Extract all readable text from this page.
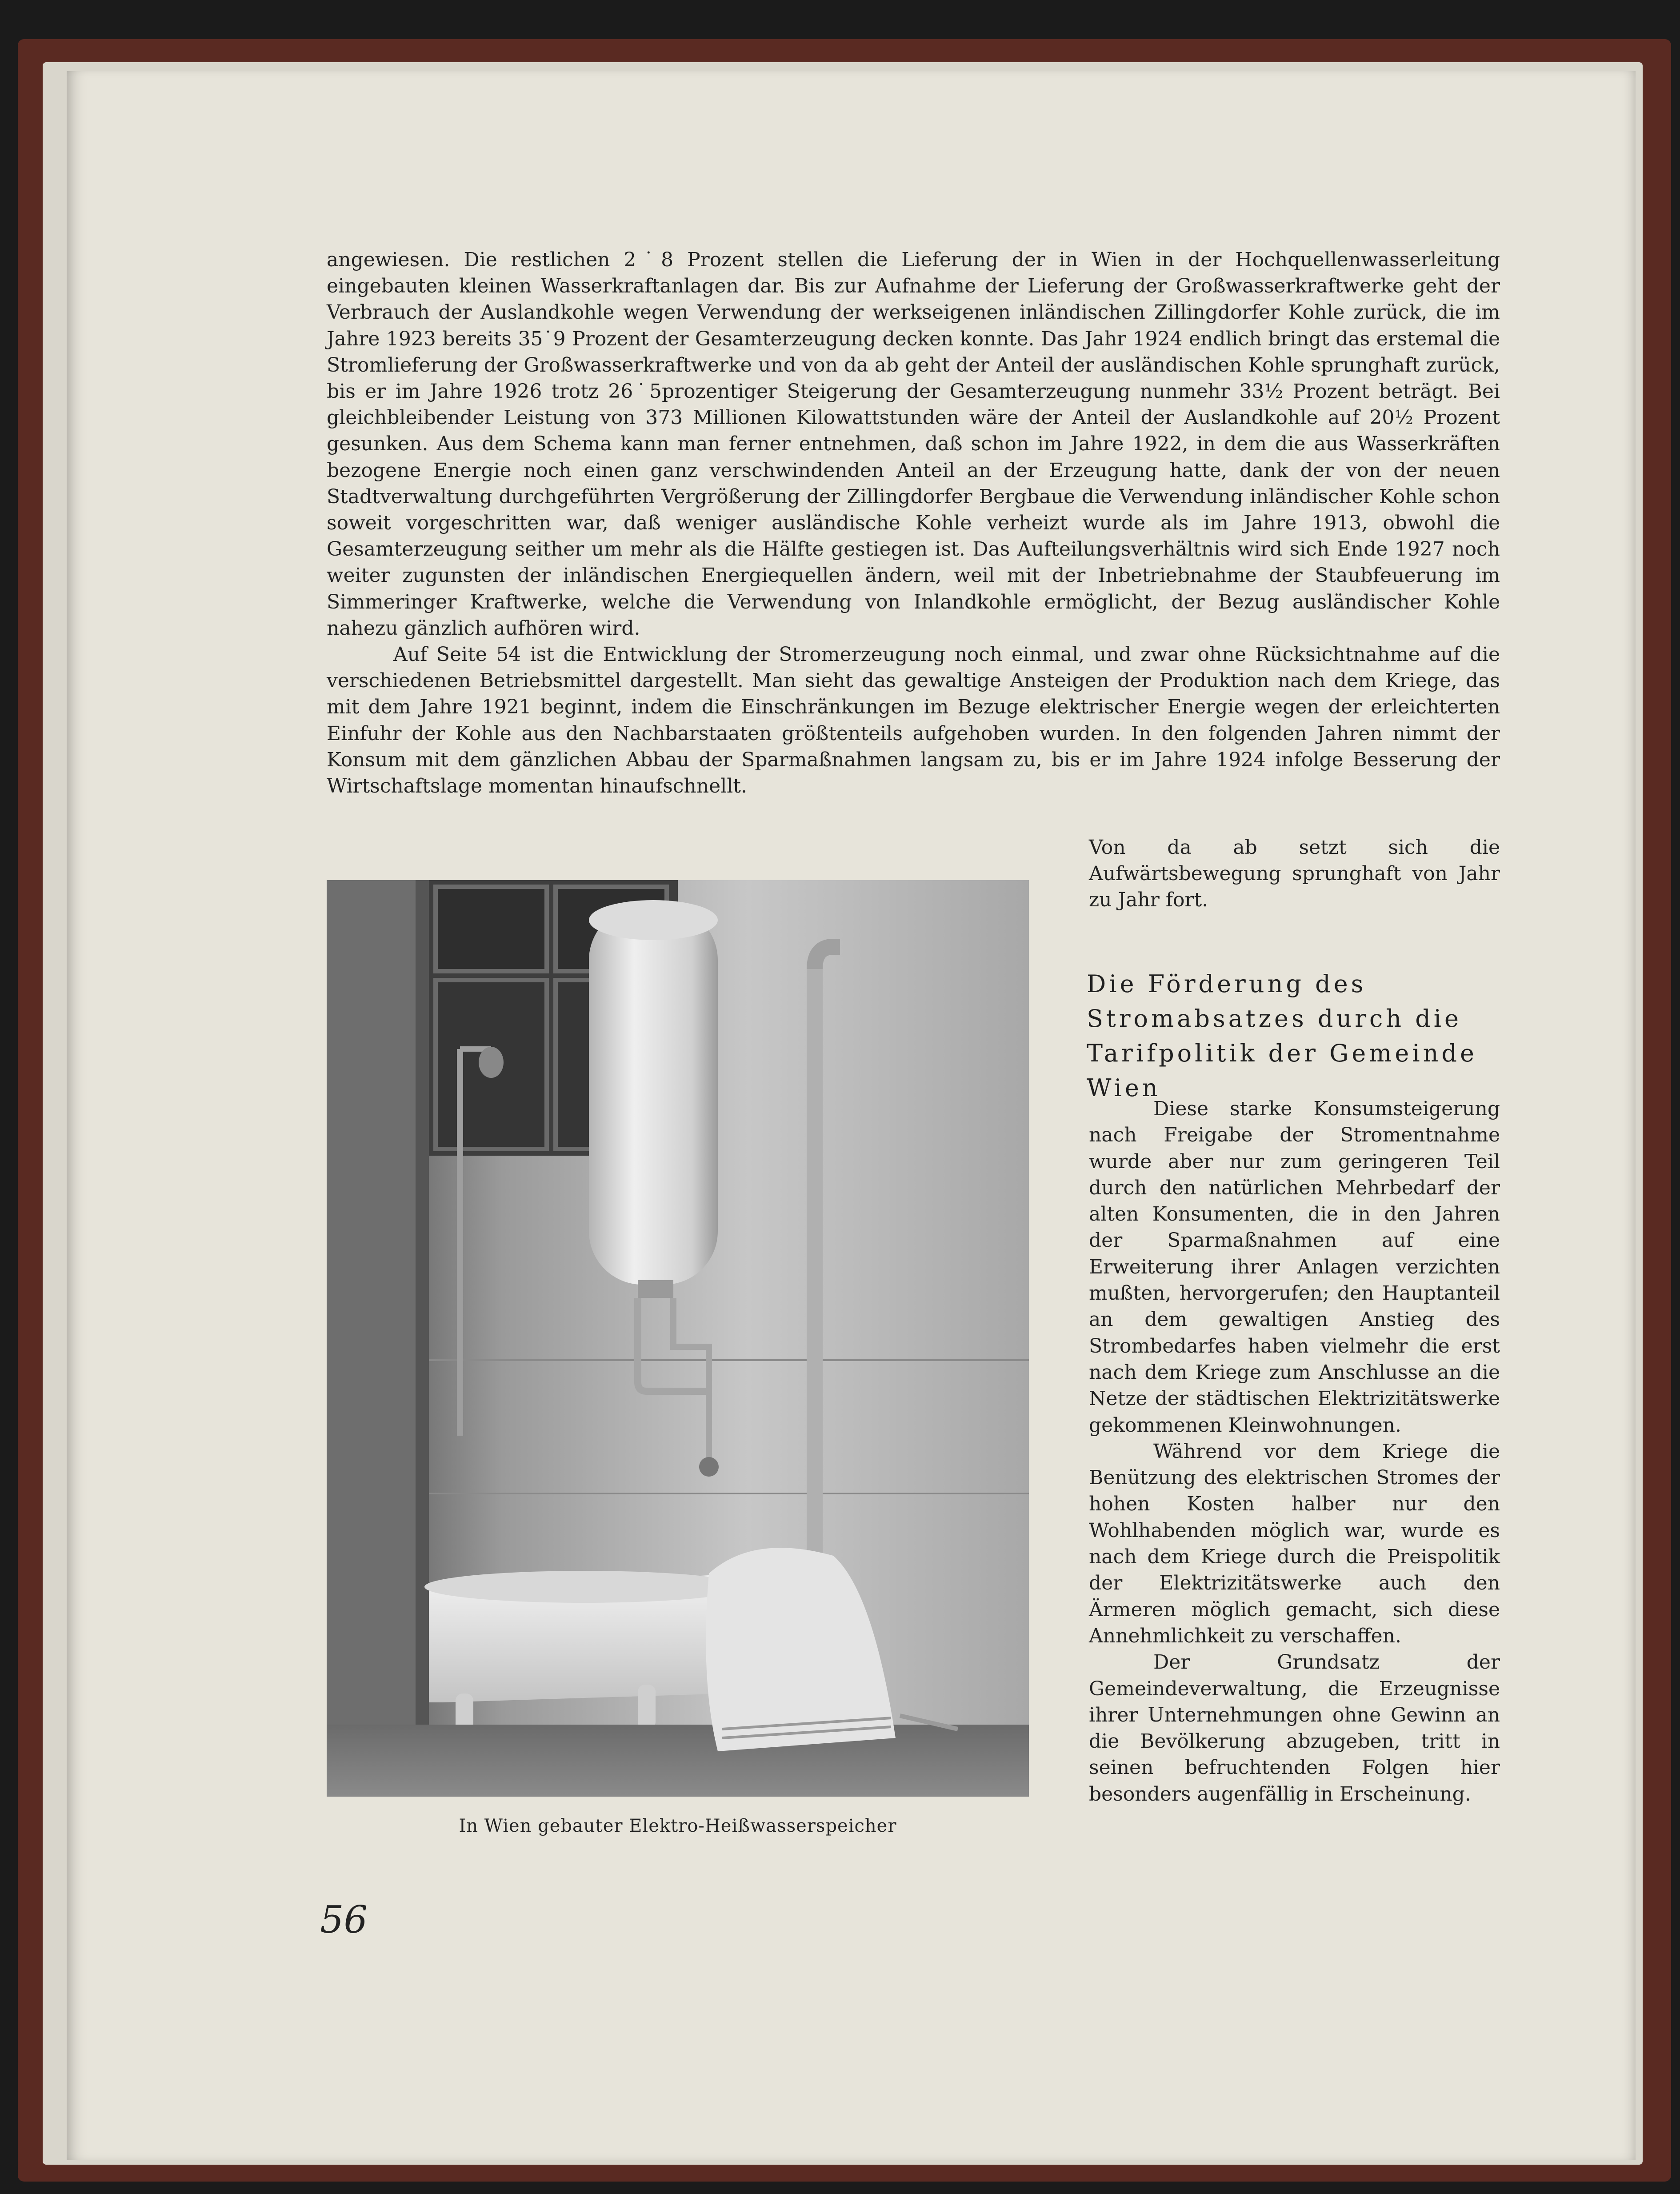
angewiesen. Die restlichen 2˙8 Prozent stellen die Lieferung der in Wien in der Hochquellenwasserleitung eingebauten kleinen Wasserkraftanlagen dar. Bis zur Aufnahme der Lieferung der Großwasserkraftwerke geht der Verbrauch der Auslandkohle wegen Verwendung der werkseigenen inländischen Zillingdorfer Kohle zurück, die im Jahre 1923 bereits 35˙9 Prozent der Gesamterzeugung decken konnte. Das Jahr 1924 endlich bringt das erstemal die Stromlieferung der Großwasserkraftwerke und von da ab geht der Anteil der ausländischen Kohle sprunghaft zurück, bis er im Jahre 1926 trotz 26˙5prozentiger Steigerung der Gesamterzeugung nunmehr 33½ Prozent beträgt. Bei gleichbleibender Leistung von 373 Millionen Kilowattstunden wäre der Anteil der Auslandkohle auf 20½ Prozent gesunken. Aus dem Schema kann man ferner entnehmen, daß schon im Jahre 1922, in dem die aus Wasserkräften bezogene Energie noch einen ganz verschwindenden Anteil an der Erzeugung hatte, dank der von der neuen Stadtverwaltung durchgeführten Vergrößerung der Zillingdorfer Bergbaue die Verwendung inländischer Kohle schon soweit vorgeschritten war, daß weniger ausländische Kohle verheizt wurde als im Jahre 1913, obwohl die Gesamterzeugung seither um mehr als die Hälfte gestiegen ist. Das Aufteilungsverhältnis wird sich Ende 1927 noch weiter zugunsten der inländischen Energiequellen ändern, weil mit der Inbetriebnahme der Staubfeuerung im Simmeringer Kraftwerke, welche die Verwendung von Inlandkohle ermöglicht, der Bezug ausländischer Kohle nahezu gänzlich aufhören wird.

Auf Seite 54 ist die Entwicklung der Stromerzeugung noch einmal, und zwar ohne Rücksichtnahme auf die verschiedenen Betriebsmittel dargestellt. Man sieht das gewaltige Ansteigen der Produktion nach dem Kriege, das mit dem Jahre 1921 beginnt, indem die Einschränkungen im Bezuge elektrischer Energie wegen der erleichterten Einfuhr der Kohle aus den Nachbarstaaten größtenteils aufgehoben wurden. In den folgenden Jahren nimmt der Konsum mit dem gänzlichen Abbau der Sparmaßnahmen langsam zu, bis er im Jahre 1924 infolge Besserung der Wirtschaftslage momentan hinaufschnellt.

Von da ab setzt sich die Aufwärtsbewegung sprunghaft von Jahr zu Jahr fort.

Die Förderung des Stromabsatzes durch die Tarifpolitik der Gemeinde Wien

Diese starke Konsumsteigerung nach Freigabe der Stromentnahme wurde aber nur zum geringeren Teil durch den natürlichen Mehrbedarf der alten Konsumenten, die in den Jahren der Sparmaßnahmen auf eine Erweiterung ihrer Anlagen verzichten mußten, hervorgerufen; den Hauptanteil an dem gewaltigen Anstieg des Strombedarfes haben vielmehr die erst nach dem Kriege zum Anschlusse an die Netze der städtischen Elektrizitätswerke gekommenen Kleinwohnungen.

Während vor dem Kriege die Benützung des elektrischen Stromes der hohen Kosten halber nur den Wohlhabenden möglich war, wurde es nach dem Kriege durch die Preispolitik der Elektrizitätswerke auch den Ärmeren möglich gemacht, sich diese Annehmlichkeit zu verschaffen.

Der Grundsatz der Gemeindeverwaltung, die Erzeugnisse ihrer Unternehmungen ohne Gewinn an die Bevölkerung abzugeben, tritt in seinen befruchtenden Folgen hier besonders augenfällig in Erscheinung.

In Wien gebauter Elektro-Heißwasserspeicher
56
